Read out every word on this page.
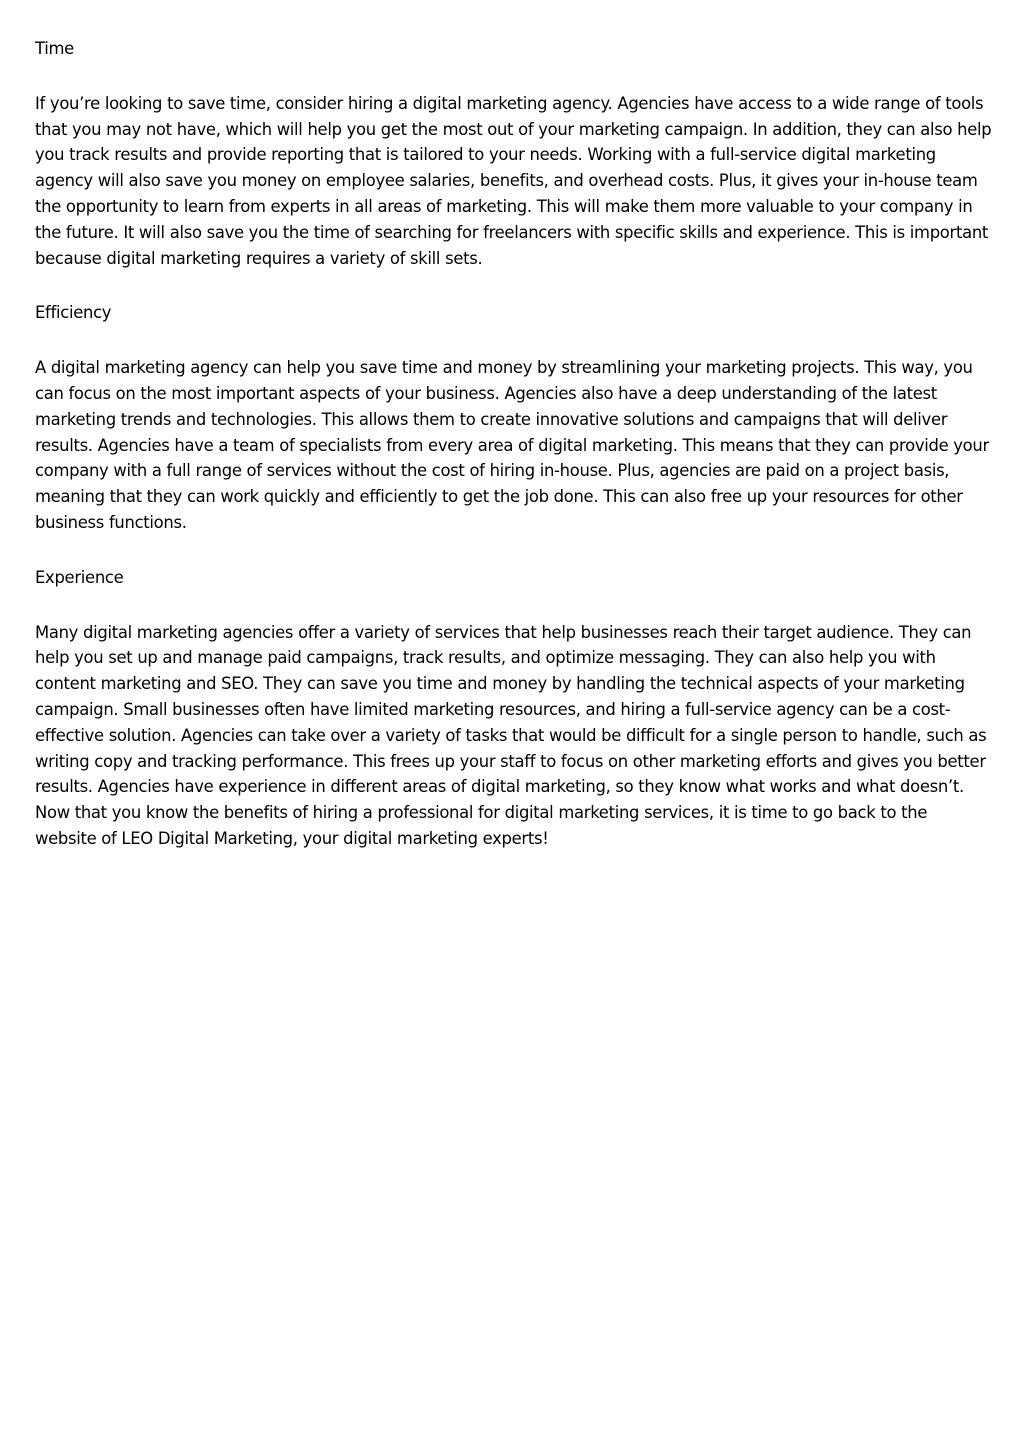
Time

If you’re looking to save time, consider hiring a digital marketing agency. Agencies have access to a wide range of tools that you may not have, which will help you get the most out of your marketing campaign. In addition, they can also help you track results and provide reporting that is tailored to your needs. Working with a full-service digital marketing agency will also save you money on employee salaries, benefits, and overhead costs. Plus, it gives your in-house team the opportunity to learn from experts in all areas of marketing. This will make them more valuable to your company in the future. It will also save you the time of searching for freelancers with specific skills and experience. This is important because digital marketing requires a variety of skill sets.

Efficiency

A digital marketing agency can help you save time and money by streamlining your marketing projects. This way, you can focus on the most important aspects of your business. Agencies also have a deep understanding of the latest marketing trends and technologies. This allows them to create innovative solutions and campaigns that will deliver results. Agencies have a team of specialists from every area of digital marketing. This means that they can provide your company with a full range of services without the cost of hiring in-house. Plus, agencies are paid on a project basis, meaning that they can work quickly and efficiently to get the job done. This can also free up your resources for other business functions.

Experience

Many digital marketing agencies offer a variety of services that help businesses reach their target audience. They can help you set up and manage paid campaigns, track results, and optimize messaging. They can also help you with content marketing and SEO. They can save you time and money by handling the technical aspects of your marketing campaign. Small businesses often have limited marketing resources, and hiring a full-service agency can be a cost-effective solution. Agencies can take over a variety of tasks that would be difficult for a single person to handle, such as writing copy and tracking performance. This frees up your staff to focus on other marketing efforts and gives you better results. Agencies have experience in different areas of digital marketing, so they know what works and what doesn’t. Now that you know the benefits of hiring a professional for digital marketing services, it is time to go back to the website of LEO Digital Marketing, your digital marketing experts!
